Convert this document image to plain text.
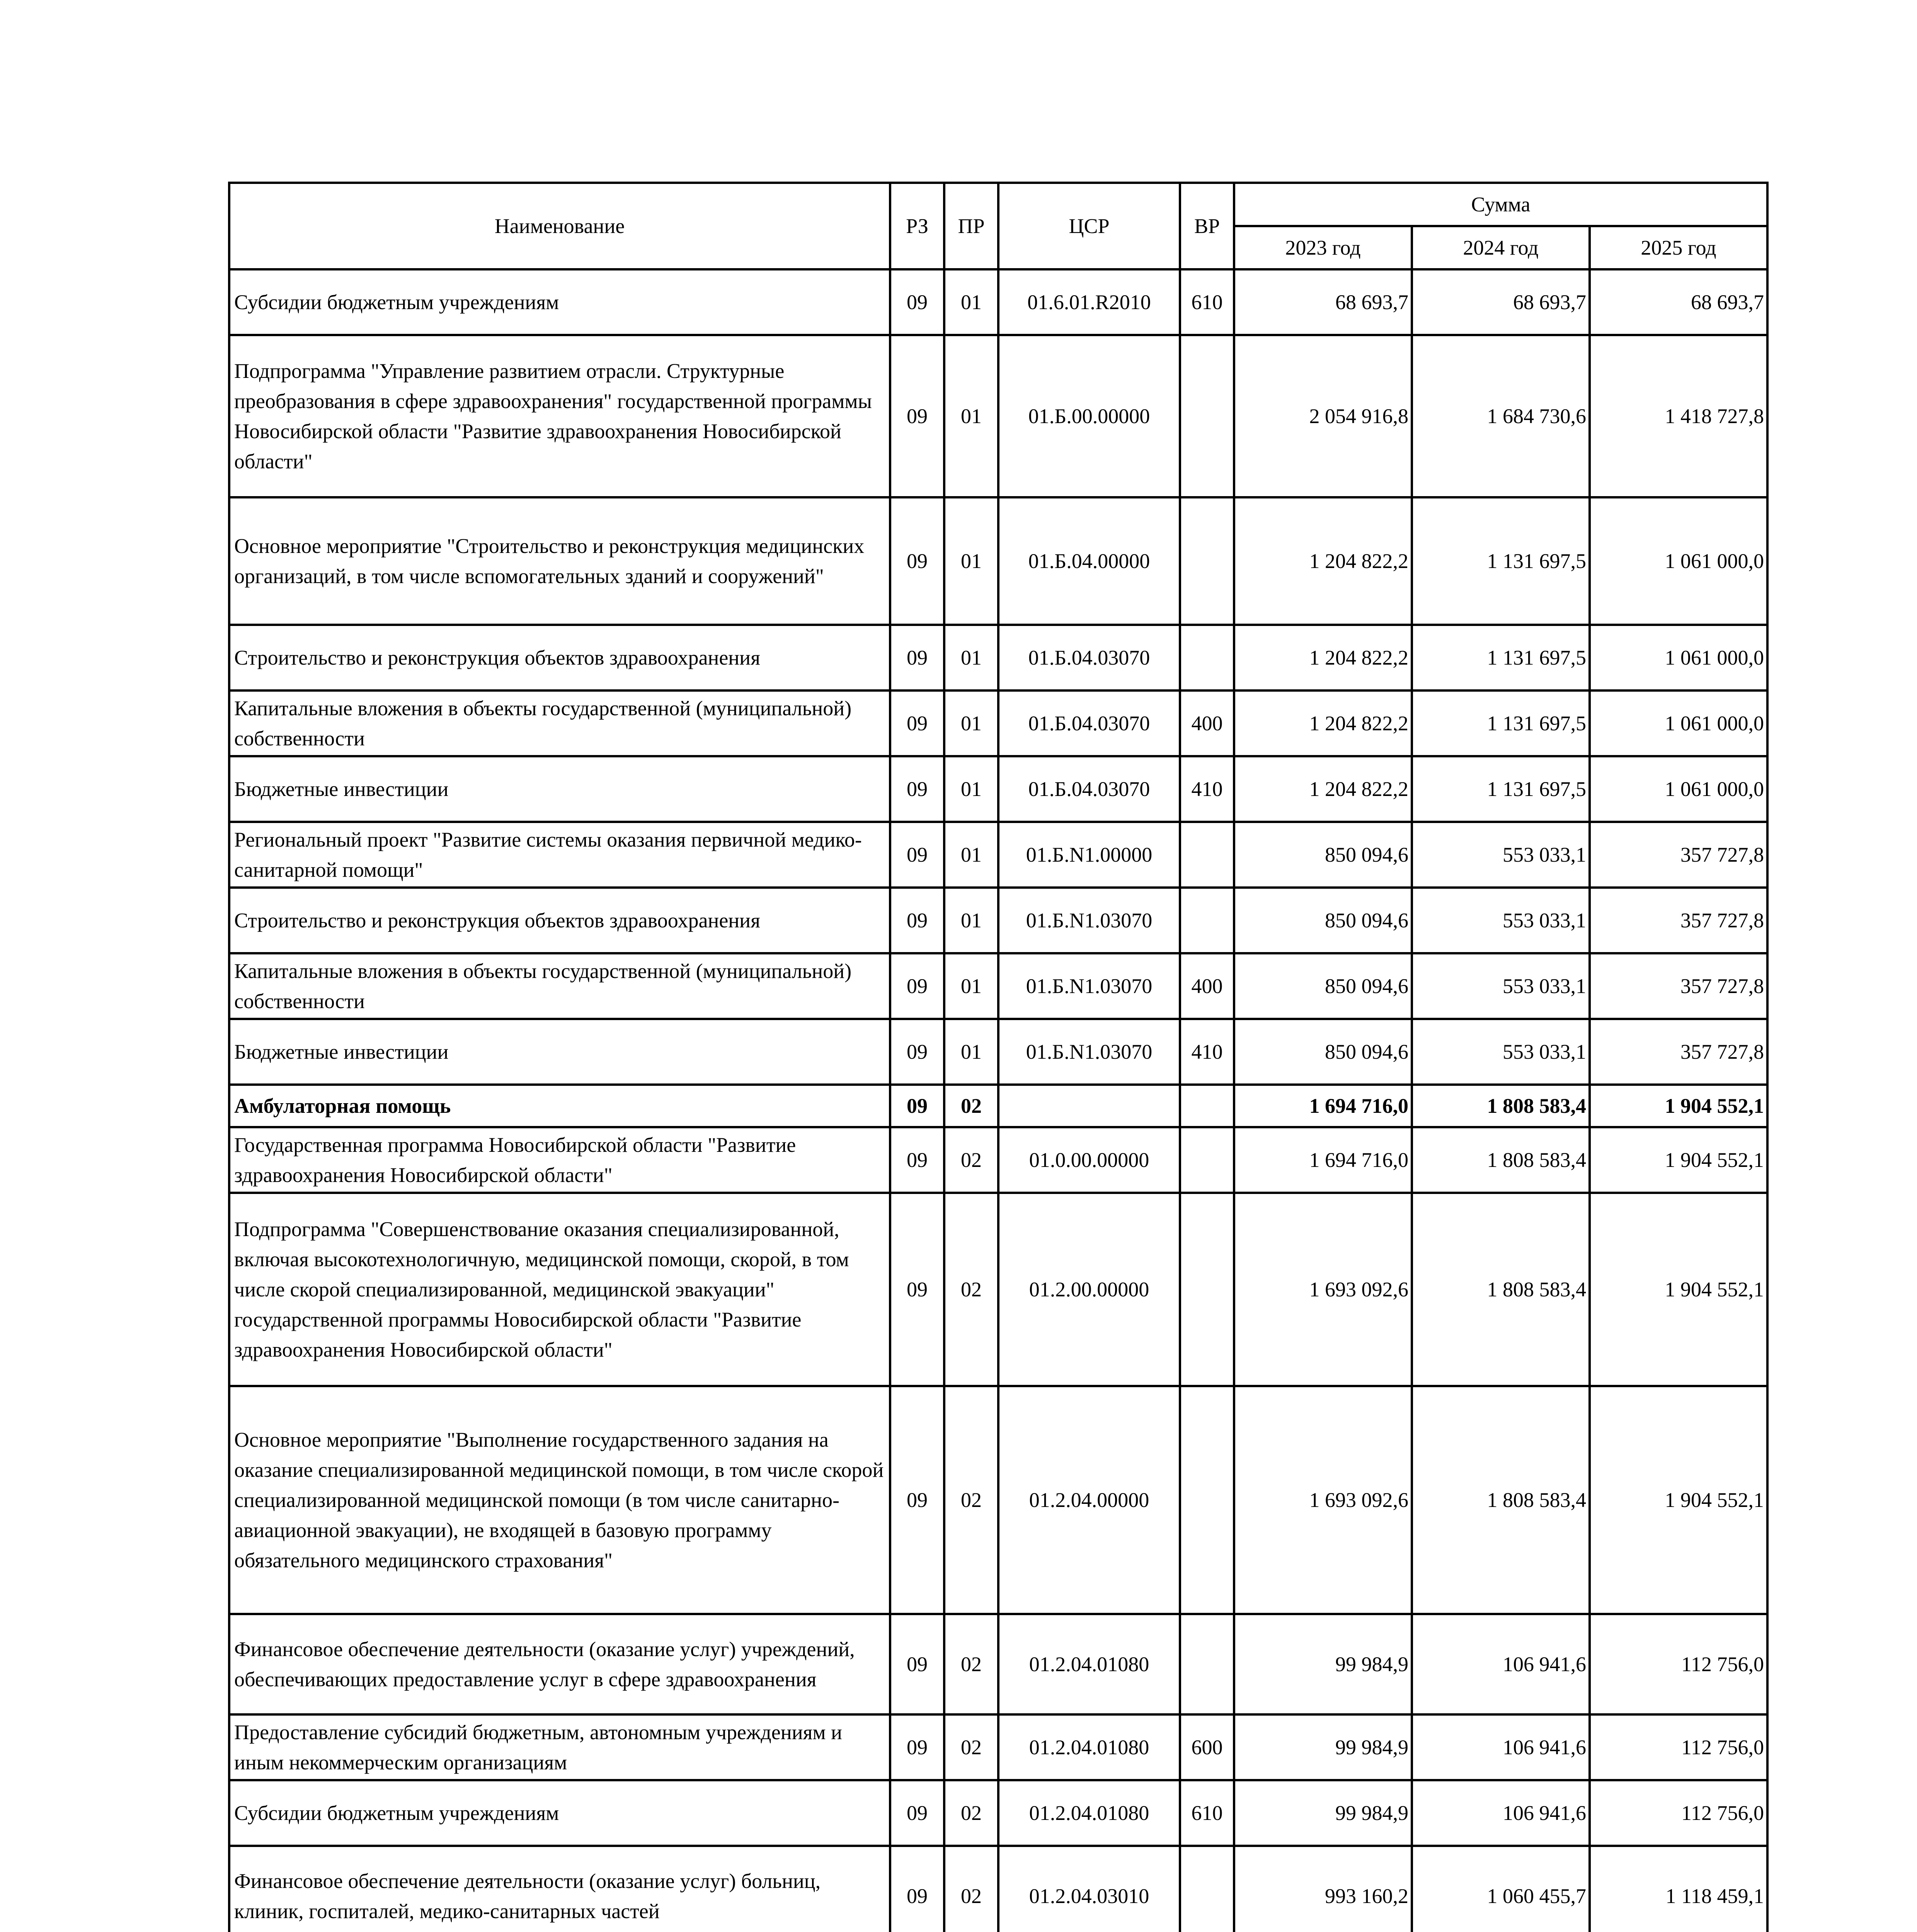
Наименование	РЗ	ПР	ЦСР	ВР	Сумма		
					2023 год	2024 год	2025 год
Субсидии бюджетным учреждениям	09	01	01.6.01.R2010	610	68 693,7	68 693,7	68 693,7
Подпрограмма "Управление развитием отрасли. Структурные преобразования в сфере здравоохранения" государственной программы Новосибирской области "Развитие здравоохранения Новосибирской области"	09	01	01.Б.00.00000		2 054 916,8	1 684 730,6	1 418 727,8
Основное мероприятие "Строительство и реконструкция медицинских организаций, в том числе вспомогательных зданий и сооружений"	09	01	01.Б.04.00000		1 204 822,2	1 131 697,5	1 061 000,0
Строительство и реконструкция объектов здравоохранения	09	01	01.Б.04.03070		1 204 822,2	1 131 697,5	1 061 000,0
Капитальные вложения в объекты государственной (муниципальной) собственности	09	01	01.Б.04.03070	400	1 204 822,2	1 131 697,5	1 061 000,0
Бюджетные инвестиции	09	01	01.Б.04.03070	410	1 204 822,2	1 131 697,5	1 061 000,0
Региональный проект "Развитие системы оказания первичной медико-санитарной помощи"	09	01	01.Б.N1.00000		850 094,6	553 033,1	357 727,8
Строительство и реконструкция объектов здравоохранения	09	01	01.Б.N1.03070		850 094,6	553 033,1	357 727,8
Капитальные вложения в объекты государственной (муниципальной) собственности	09	01	01.Б.N1.03070	400	850 094,6	553 033,1	357 727,8
Бюджетные инвестиции	09	01	01.Б.N1.03070	410	850 094,6	553 033,1	357 727,8
Амбулаторная помощь	09	02			1 694 716,0	1 808 583,4	1 904 552,1
Государственная программа Новосибирской области "Развитие здравоохранения Новосибирской области"	09	02	01.0.00.00000		1 694 716,0	1 808 583,4	1 904 552,1
Подпрограмма "Совершенствование оказания специализированной, включая высокотехнологичную, медицинской помощи, скорой, в том числе скорой специализированной, медицинской эвакуации" государственной программы Новосибирской области "Развитие здравоохранения Новосибирской области"	09	02	01.2.00.00000		1 693 092,6	1 808 583,4	1 904 552,1
Основное мероприятие "Выполнение государственного задания на оказание специализированной медицинской помощи, в том числе скорой специализированной медицинской помощи (в том числе санитарно-авиационной эвакуации), не входящей в базовую программу обязательного медицинского страхования"	09	02	01.2.04.00000		1 693 092,6	1 808 583,4	1 904 552,1
Финансовое обеспечение деятельности (оказание услуг) учреждений, обеспечивающих предоставление услуг в сфере здравоохранения	09	02	01.2.04.01080		99 984,9	106 941,6	112 756,0
Предоставление субсидий бюджетным, автономным учреждениям и иным некоммерческим организациям	09	02	01.2.04.01080	600	99 984,9	106 941,6	112 756,0
Субсидии бюджетным учреждениям	09	02	01.2.04.01080	610	99 984,9	106 941,6	112 756,0
Финансовое обеспечение деятельности (оказание услуг) больниц, клиник, госпиталей, медико-санитарных частей	09	02	01.2.04.03010		993 160,2	1 060 455,7	1 118 459,1
